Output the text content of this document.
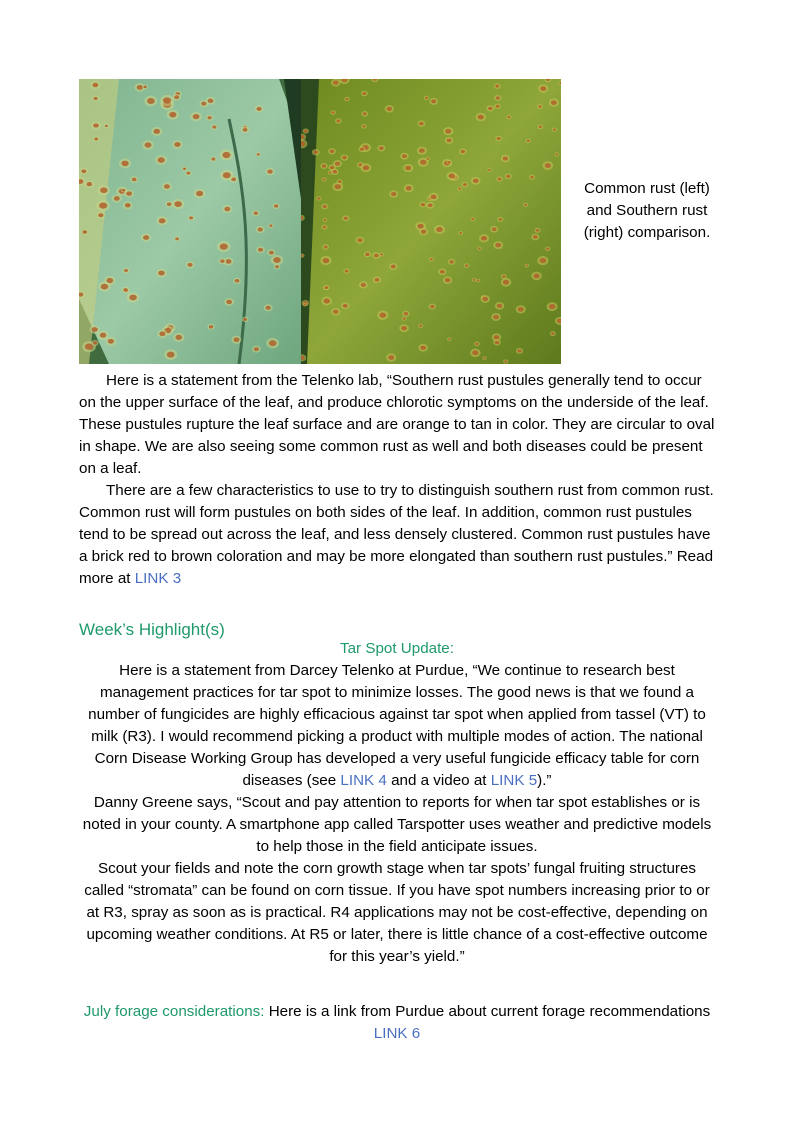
Common rust (left) and Southern rust (right) comparison.

Here is a statement from the Telenko lab, “Southern rust pustules generally tend to occur on the upper surface of the leaf, and produce chlorotic symptoms on the underside of the leaf. These pustules rupture the leaf surface and are orange to tan in color. They are circular to oval in shape. We are also seeing some common rust as well and both diseases could be present on a leaf.

There are a few characteristics to use to try to distinguish southern rust from common rust. Common rust will form pustules on both sides of the leaf. In addition, common rust pustules tend to be spread out across the leaf, and less densely clustered. Common rust pustules have a brick red to brown coloration and may be more elongated than southern rust pustules.” Read more at LINK 3

Week’s Highlight(s)

Tar Spot Update:

Here is a statement from Darcey Telenko at Purdue, “We continue to research best management practices for tar spot to minimize losses. The good news is that we found a number of fungicides are highly efficacious against tar spot when applied from tassel (VT) to milk (R3). I would recommend picking a product with multiple modes of action. The national Corn Disease Working Group has developed a very useful fungicide efficacy table for corn diseases (see LINK 4 and a video at LINK 5).”

Danny Greene says, “Scout and pay attention to reports for when tar spot establishes or is noted in your county. A smartphone app called Tarspotter uses weather and predictive models to help those in the field anticipate issues.

Scout your fields and note the corn growth stage when tar spots’ fungal fruiting structures called “stromata” can be found on corn tissue. If you have spot numbers increasing prior to or at R3, spray as soon as is practical. R4 applications may not be cost-effective, depending on upcoming weather conditions. At R5 or later, there is little chance of a cost-effective outcome for this year’s yield.”

July forage considerations: Here is a link from Purdue about current forage recommendations LINK 6
